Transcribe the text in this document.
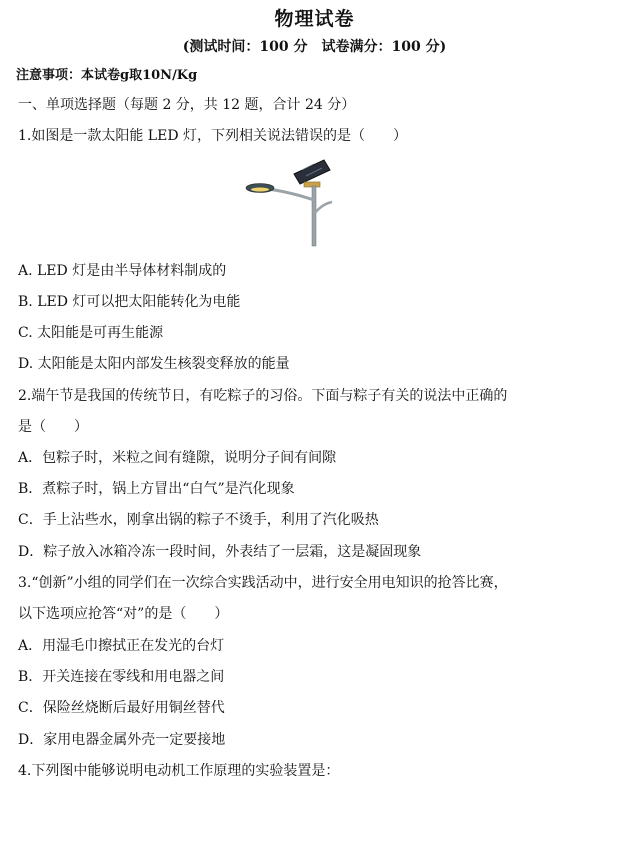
物理试卷
(测试时间：100 分　试卷满分：100 分)
注意事项：本试卷g取10N/Kg
一、单项选择题（每题 2 分，共 12 题，合计 24 分）
1.如图是一款太阳能 LED 灯，下列相关说法错误的是（　　）
A. LED 灯是由半导体材料制成的
B. LED 灯可以把太阳能转化为电能
C. 太阳能是可再生能源
D. 太阳能是太阳内部发生核裂变释放的能量
2.端午节是我国的传统节日，有吃粽子的习俗。下面与粽子有关的说法中正确的
是（　　）
A．包粽子时，米粒之间有缝隙，说明分子间有间隙
B．煮粽子时，锅上方冒出“白气”是汽化现象
C．手上沾些水，刚拿出锅的粽子不烫手，利用了汽化吸热
D．粽子放入冰箱冷冻一段时间，外表结了一层霜，这是凝固现象
3.“创新”小组的同学们在一次综合实践活动中，进行安全用电知识的抢答比赛，
以下选项应抢答“对”的是（　　）
A．用湿毛巾擦拭正在发光的台灯
B．开关连接在零线和用电器之间
C．保险丝烧断后最好用铜丝替代
D．家用电器金属外壳一定要接地
4.下列图中能够说明电动机工作原理的实验装置是：
